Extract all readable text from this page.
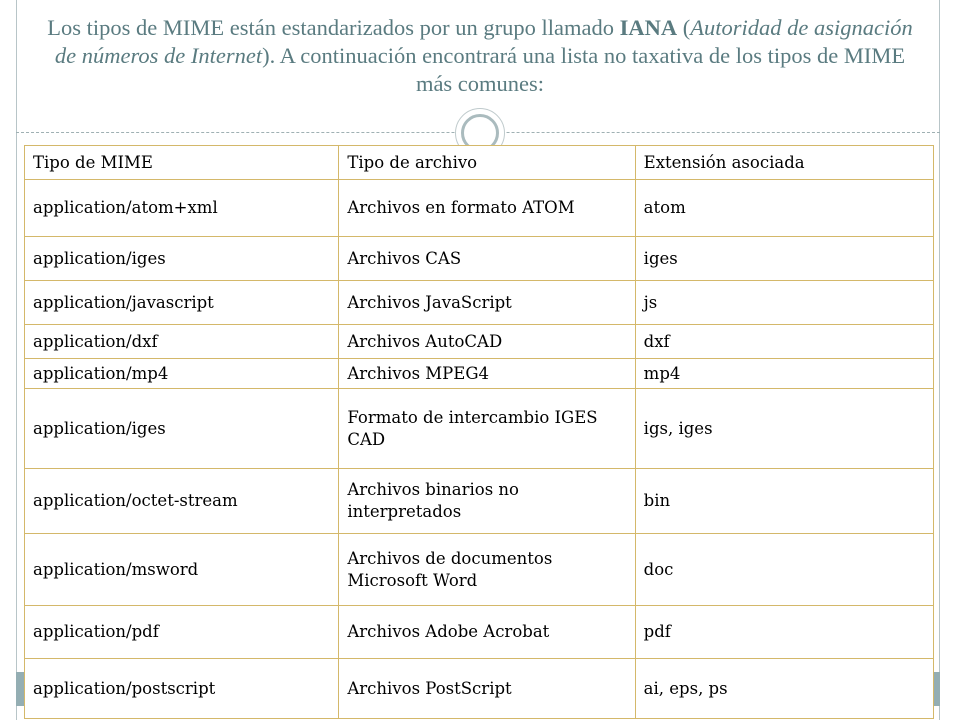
Los tipos de MIME están estandarizados por un grupo llamado IANA (Autoridad de asignación de números de Internet). A continuación encontrará una lista no taxativa de los tipos de MIME más comunes:

Tipo de MIME	Tipo de archivo	Extensión asociada
application/atom+xml	Archivos en formato ATOM	atom
application/iges	Archivos CAS	iges
application/javascript	Archivos JavaScript	js
application/dxf	Archivos AutoCAD	dxf
application/mp4	Archivos MPEG4	mp4
application/iges	Formato de intercambio IGES CAD	igs, iges
application/octet-stream	Archivos binarios no interpretados	bin
application/msword	Archivos de documentos Microsoft Word	doc
application/pdf	Archivos Adobe Acrobat	pdf
application/postscript	Archivos PostScript	ai, eps, ps
